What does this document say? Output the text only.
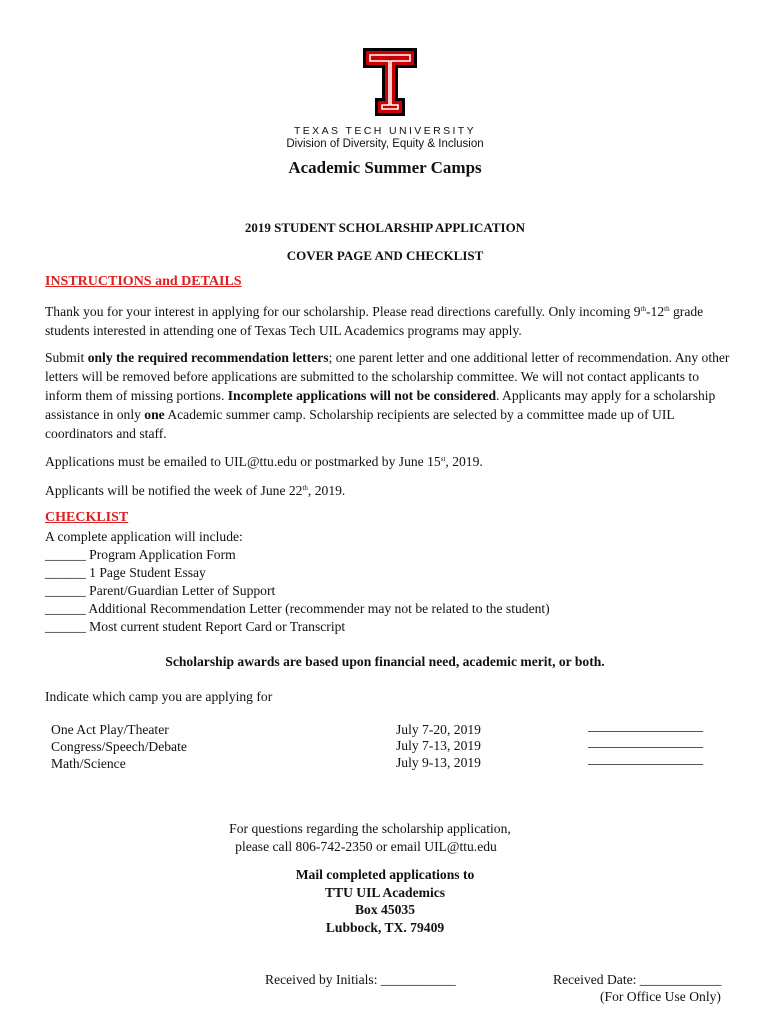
TEXAS TECH UNIVERSITY
Division of Diversity, Equity & Inclusion
Academic Summer Camps
2019 STUDENT SCHOLARSHIP APPLICATION
COVER PAGE AND CHECKLIST
INSTRUCTIONS and DETAILS
Thank you for your interest in applying for our scholarship. Please read directions carefully. Only incoming 9th-12th grade students interested in attending one of Texas Tech UIL Academics programs may apply.
Submit only the required recommendation letters; one parent letter and one additional letter of recommendation. Any other letters will be removed before applications are submitted to the scholarship committee. We will not contact applicants to inform them of missing portions. Incomplete applications will not be considered. Applicants may apply for a scholarship assistance in only one Academic summer camp. Scholarship recipients are selected by a committee made up of UIL coordinators and staff.
Applications must be emailed to UIL@ttu.edu or postmarked by June 15st, 2019.
Applicants will be notified the week of June 22th, 2019.
CHECKLIST
A complete application will include:
______ Program Application Form
______ 1 Page Student Essay
______ Parent/Guardian Letter of Support
______ Additional Recommendation Letter (recommender may not be related to the student)
______ Most current student Report Card or Transcript
Scholarship awards are based upon financial need, academic merit, or both.
Indicate which camp you are applying for
One Act Play/Theater	July 7-20, 2019
Congress/Speech/Debate	July 7-13, 2019
Math/Science	July 9-13, 2019
For questions regarding the scholarship application,
please call 806-742-2350 or email UIL@ttu.edu
Mail completed applications to
TTU UIL Academics
Box 45035
Lubbock, TX. 79409
Received by Initials: ___________	Received Date: ____________
(For Office Use Only)
